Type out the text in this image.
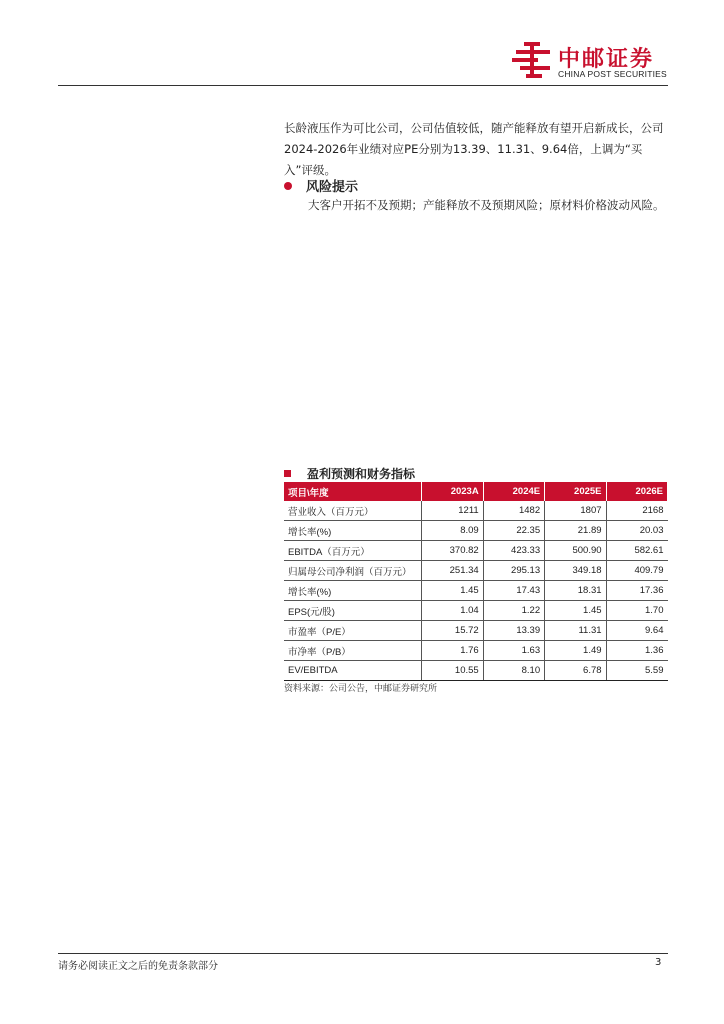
中邮证券
CHINA POST SECURITIES
长龄液压作为可比公司，公司估值较低，随产能释放有望开启新成长，公司2024-2026年业绩对应PE分别为13.39、11.31、9.64倍，上调为“买入”评级。
风险提示
大客户开拓不及预期；产能释放不及预期风险；原材料价格波动风险。
盈利预测和财务指标
项目\年度	2023A	2024E	2025E	2026E
营业收入（百万元）	1211	1482	1807	2168
增长率(%)	8.09	22.35	21.89	20.03
EBITDA（百万元）	370.82	423.33	500.90	582.61
归属母公司净利润（百万元）	251.34	295.13	349.18	409.79
增长率(%)	1.45	17.43	18.31	17.36
EPS(元/股)	1.04	1.22	1.45	1.70
市盈率（P/E）	15.72	13.39	11.31	9.64
市净率（P/B）	1.76	1.63	1.49	1.36
EV/EBITDA	10.55	8.10	6.78	5.59
资料来源：公司公告，中邮证券研究所
请务必阅读正文之后的免责条款部分	3
